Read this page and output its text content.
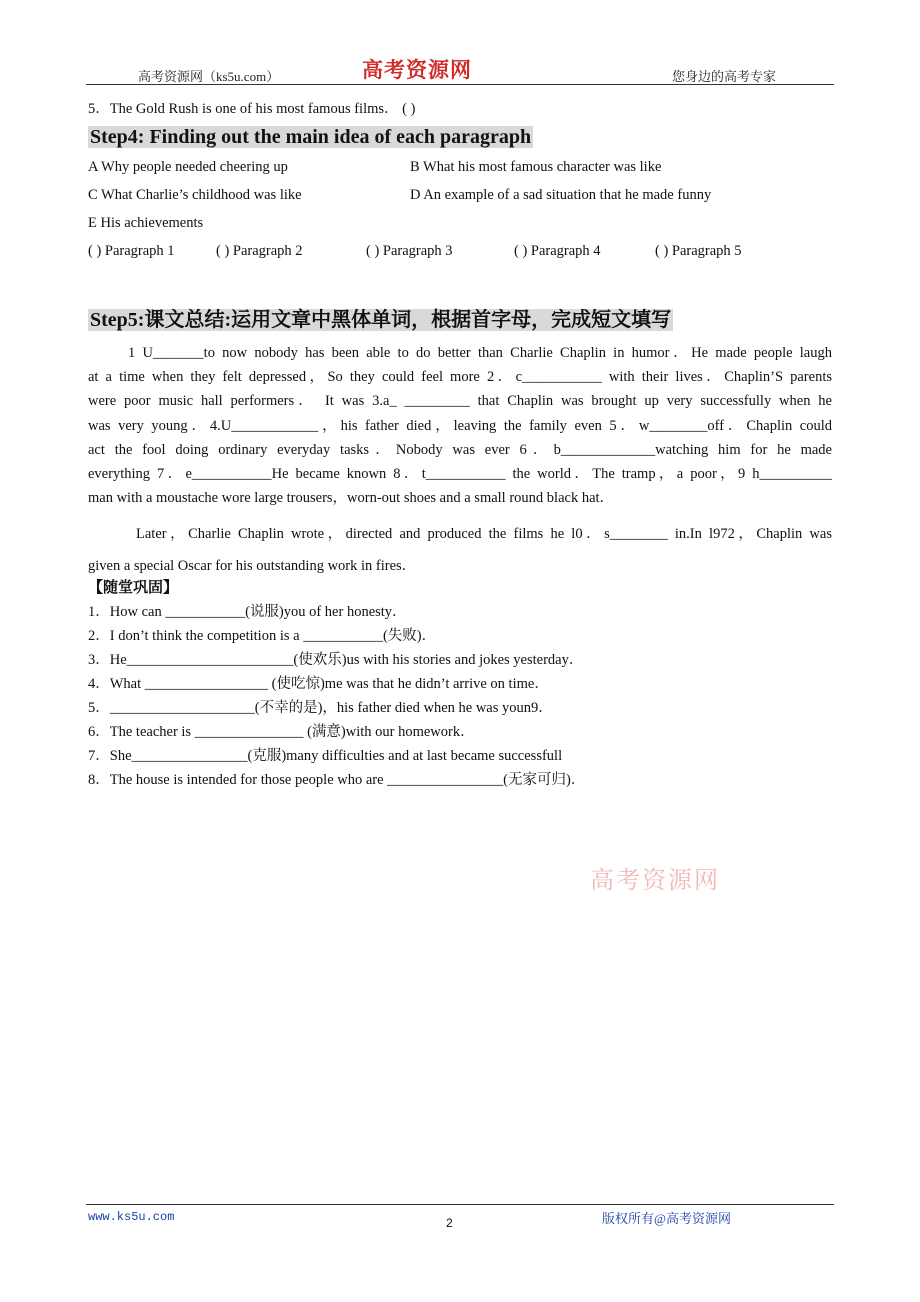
高考资源网（ks5u.com）	高考资源网	您身边的高考专家
5．The Gold Rush is one of his most famous films． ( )
Step4: Finding out the main idea of each paragraph
A Why people needed cheering up	B What his most famous character was like
C What Charlie’s childhood was like	D An example of a sad situation that he made funny
E His achievements
( ) Paragraph 1	( ) Paragraph 2	( ) Paragraph 3	( ) Paragraph 4	( ) Paragraph 5
Step5:课文总结:运用文章中黑体单词，根据首字母，完成短文填写
1 U_______to now nobody has been able to do better than Charlie Chaplin in humor．He made people laugh
at a time when they felt depressed，So they could feel more 2．c___________ with their lives．Chaplin’S parents
were poor music hall performers． It was 3.a_ _________ that Chaplin was brought up very successfully when he
was very young．4.U____________，his father died，leaving the family even 5．w________off．Chaplin could
act the fool doing ordinary everyday tasks．Nobody was ever 6．b_____________watching him for he made
everything 7．e___________He became known 8．t___________ the world．The tramp，a poor，9 h__________
man with a moustache wore large trousers，worn-out shoes and a small round black hat．
Later，Charlie Chaplin wrote，directed and produced the films he l0．s________ in.In l972，Chaplin was
given a special Oscar for his outstanding work in fires．
【随堂巩固】
1．How can ___________(说服)you of her honesty．
2．I don’t think the competition is a ___________(失败)．
3．He_______________________(使欢乐)us with his stories and jokes yesterday．
4．What _________________ (使吃惊)me was that he didn’t arrive on time．
5．____________________(不幸的是)，his father died when he was youn9．
6．The teacher is _______________ (满意)with our homework．
7．She________________(克服)many difficulties and at last became successfull
8．The house is intended for those people who are ________________(无家可归)．
高考资源网
www.ks5u.com	2	版权所有@高考资源网
